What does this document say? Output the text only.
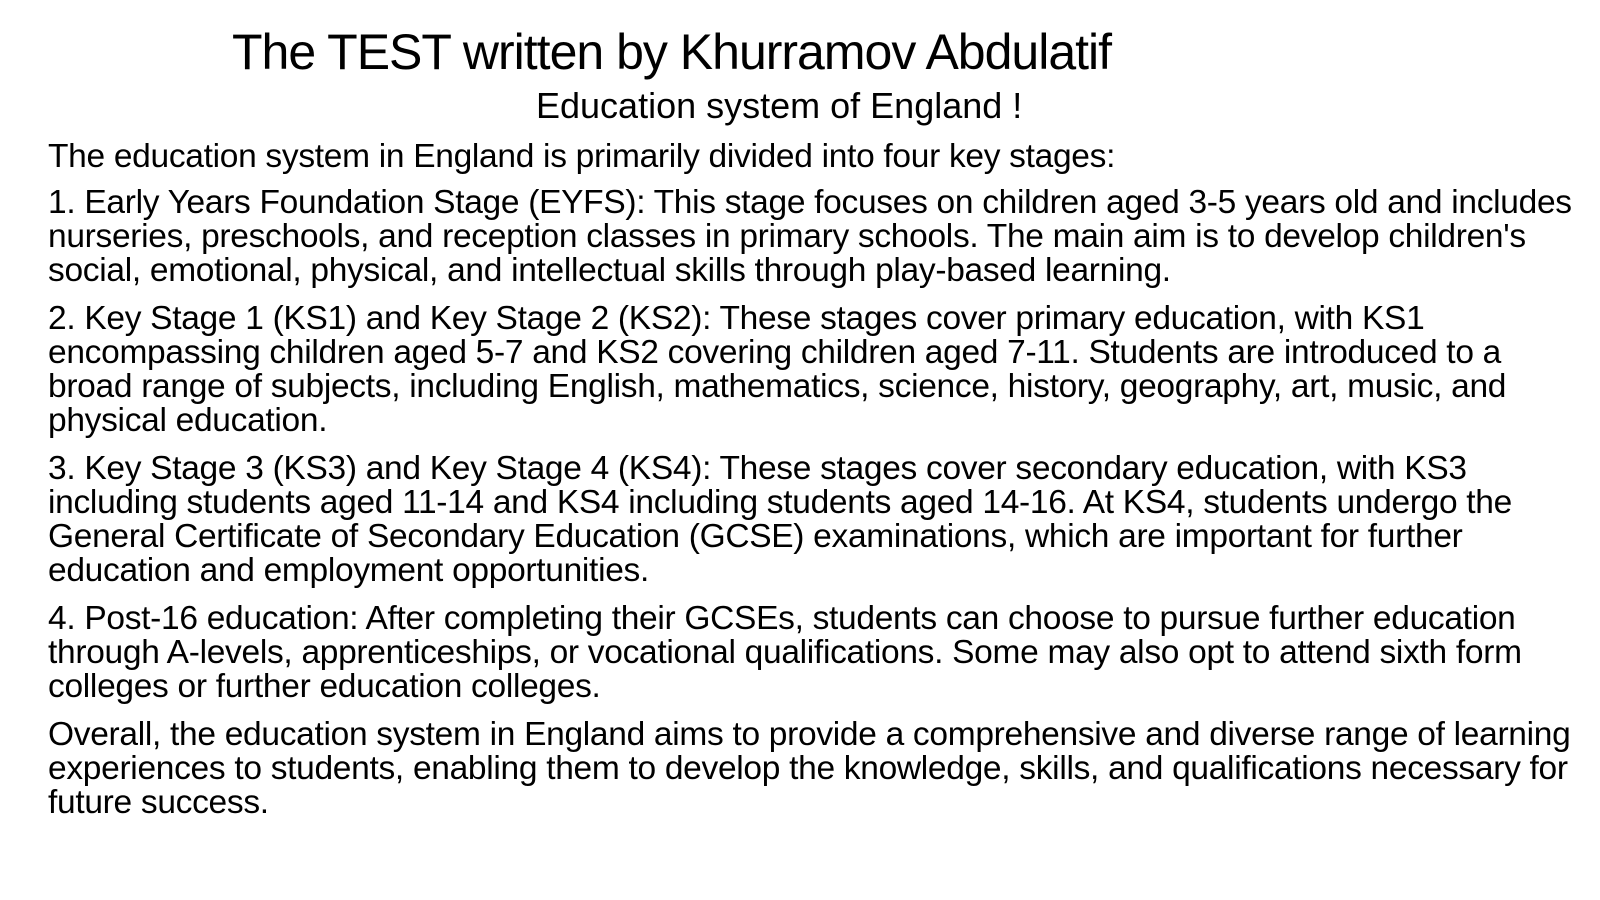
The TEST written by Khurramov Abdulatif
Education system of England !

The education system in England is primarily divided into four key stages:

1. Early Years Foundation Stage (EYFS): This stage focuses on children aged 3-5 years old and includes nurseries, preschools, and reception classes in primary schools. The main aim is to develop children's social, emotional, physical, and intellectual skills through play-based learning.

2. Key Stage 1 (KS1) and Key Stage 2 (KS2): These stages cover primary education, with KS1 encompassing children aged 5-7 and KS2 covering children aged 7-11. Students are introduced to a broad range of subjects, including English, mathematics, science, history, geography, art, music, and physical education.

3. Key Stage 3 (KS3) and Key Stage 4 (KS4): These stages cover secondary education, with KS3 including students aged 11-14 and KS4 including students aged 14-16. At KS4, students undergo the General Certificate of Secondary Education (GCSE) examinations, which are important for further education and employment opportunities.

4. Post-16 education: After completing their GCSEs, students can choose to pursue further education through A-levels, apprenticeships, or vocational qualifications. Some may also opt to attend sixth form colleges or further education colleges.

Overall, the education system in England aims to provide a comprehensive and diverse range of learning experiences to students, enabling them to develop the knowledge, skills, and qualifications necessary for future success.
